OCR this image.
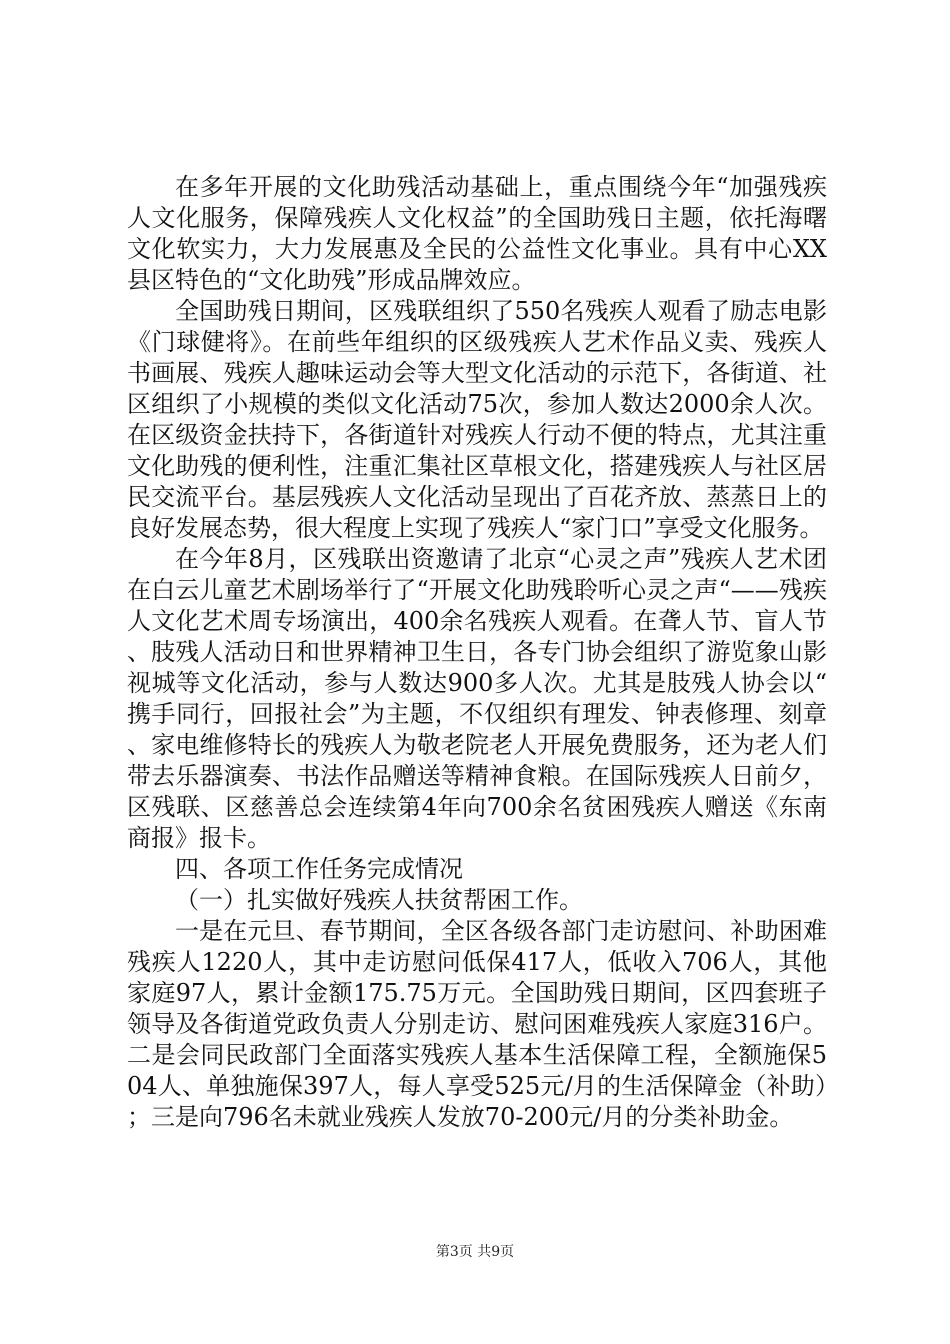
在多年开展的文化助残活动基础上，重点围绕今年“加强残疾人文化服务，保障残疾人文化权益”的全国助残日主题，依托海曙文化软实力，大力发展惠及全民的公益性文化事业。具有中心XX县区特色的“文化助残”形成品牌效应。

全国助残日期间，区残联组织了550名残疾人观看了励志电影《门球健将》。在前些年组织的区级残疾人艺术作品义卖、残疾人书画展、残疾人趣味运动会等大型文化活动的示范下，各街道、社区组织了小规模的类似文化活动75次，参加人数达2000余人次。在区级资金扶持下，各街道针对残疾人行动不便的特点，尤其注重文化助残的便利性，注重汇集社区草根文化，搭建残疾人与社区居民交流平台。基层残疾人文化活动呈现出了百花齐放、蒸蒸日上的良好发展态势，很大程度上实现了残疾人“家门口”享受文化服务。

在今年8月，区残联出资邀请了北京“心灵之声”残疾人艺术团在白云儿童艺术剧场举行了“开展文化助残聆听心灵之声“——残疾人文化艺术周专场演出，400余名残疾人观看。在聋人节、盲人节、肢残人活动日和世界精神卫生日，各专门协会组织了游览象山影视城等文化活动，参与人数达900多人次。尤其是肢残人协会以“携手同行，回报社会”为主题，不仅组织有理发、钟表修理、刻章、家电维修特长的残疾人为敬老院老人开展免费服务，还为老人们带去乐器演奏、书法作品赠送等精神食粮。在国际残疾人日前夕，区残联、区慈善总会连续第4年向700余名贫困残疾人赠送《东南商报》报卡。

四、各项工作任务完成情况

（一）扎实做好残疾人扶贫帮困工作。

一是在元旦、春节期间，全区各级各部门走访慰问、补助困难残疾人1220人，其中走访慰问低保417人，低收入706人，其他家庭97人，累计金额175.75万元。全国助残日期间，区四套班子领导及各街道党政负责人分别走访、慰问困难残疾人家庭316户。二是会同民政部门全面落实残疾人基本生活保障工程，全额施保504人、单独施保397人，每人享受525元/月的生活保障金（补助）；三是向796名未就业残疾人发放70-200元/月的分类补助金。

第3页 共9页
